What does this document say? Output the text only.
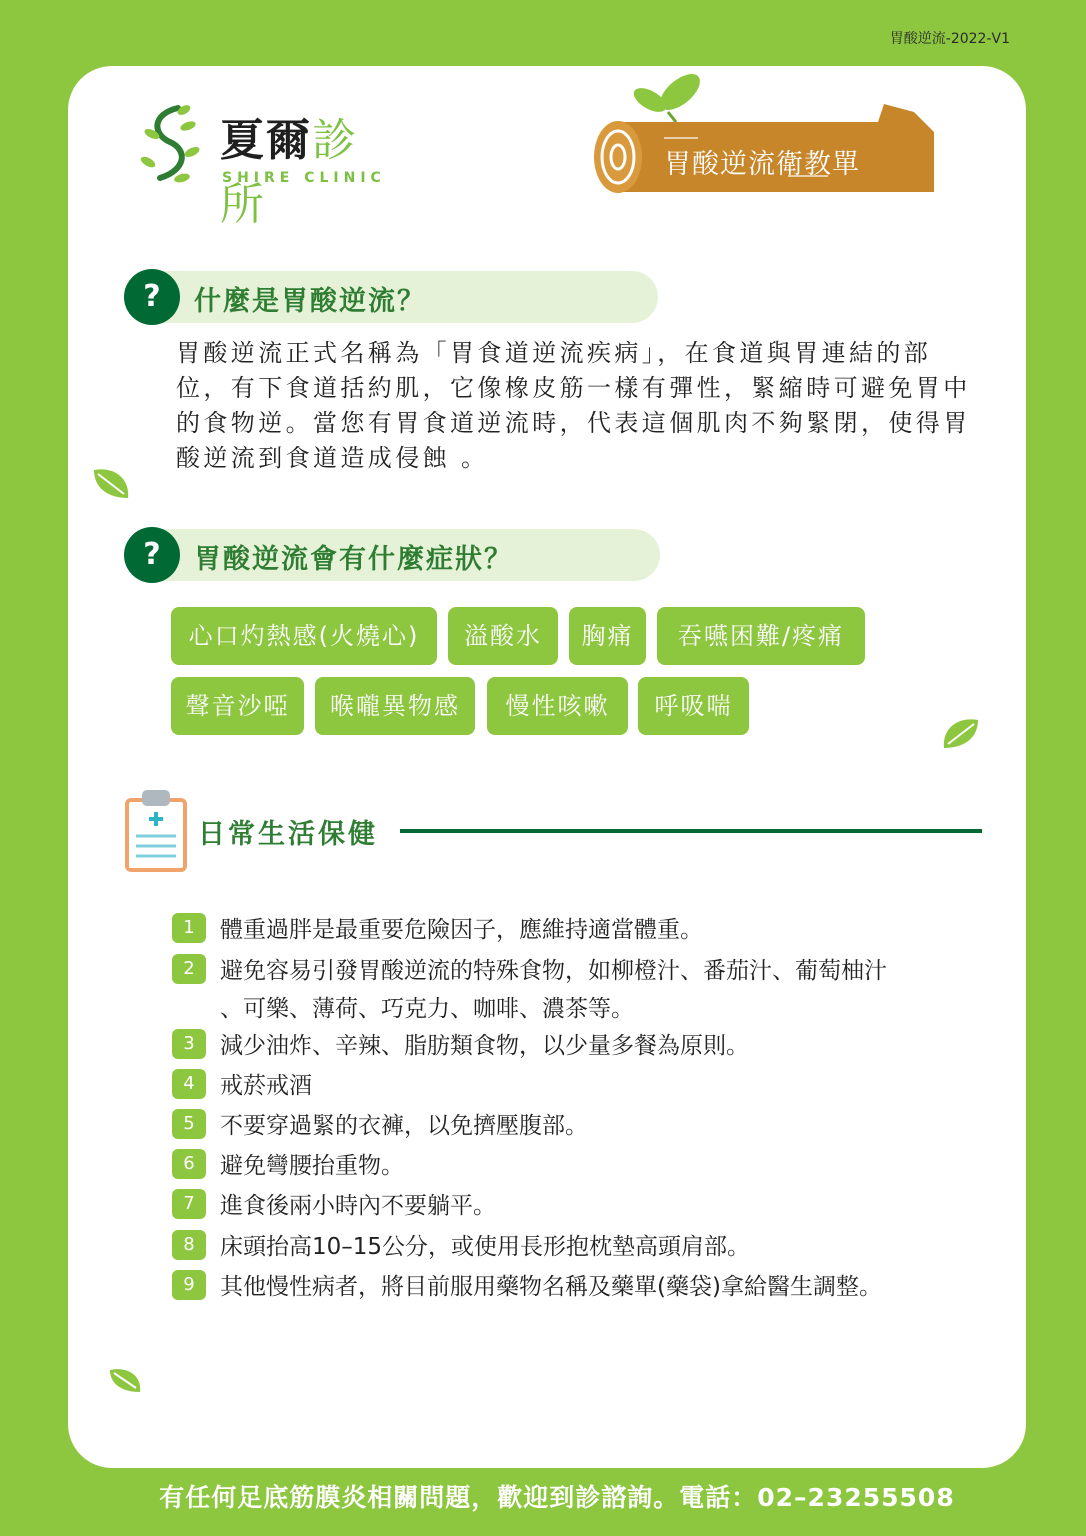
胃酸逆流-2022-V1
夏爾診所
SHIRE CLINIC	胃酸逆流衛教單
?	什麼是胃酸逆流？

胃酸逆流正式名稱為「胃食道逆流疾病」，在食道與胃連結的部位，有下食道括約肌，它像橡皮筋一樣有彈性，緊縮時可避免胃中的食物逆。當您有胃食道逆流時，代表這個肌肉不夠緊閉，使得胃酸逆流到食道造成侵蝕 。

?	胃酸逆流會有什麼症狀？
心口灼熱感(火燒心)	溢酸水	胸痛	吞嚥困難/疼痛
聲音沙啞	喉嚨異物感	慢性咳嗽	呼吸喘
日常生活保健
1	體重過胖是最重要危險因子，應維持適當體重。
2	避免容易引發胃酸逆流的特殊食物，如柳橙汁、番茄汁、葡萄柚汁
、可樂、薄荷、巧克力、咖啡、濃茶等。
3	減少油炸、辛辣、脂肪類食物，以少量多餐為原則。
4	戒菸戒酒
5	不要穿過緊的衣褲，以免擠壓腹部。
6	避免彎腰抬重物。
7	進食後兩小時內不要躺平。
8	床頭抬高10–15公分，或使用長形抱枕墊高頭肩部。
9	其他慢性病者，將目前服用藥物名稱及藥單(藥袋)拿給醫生調整。
有任何足底筋膜炎相關問題，歡迎到診諮詢。電話：02–23255508
